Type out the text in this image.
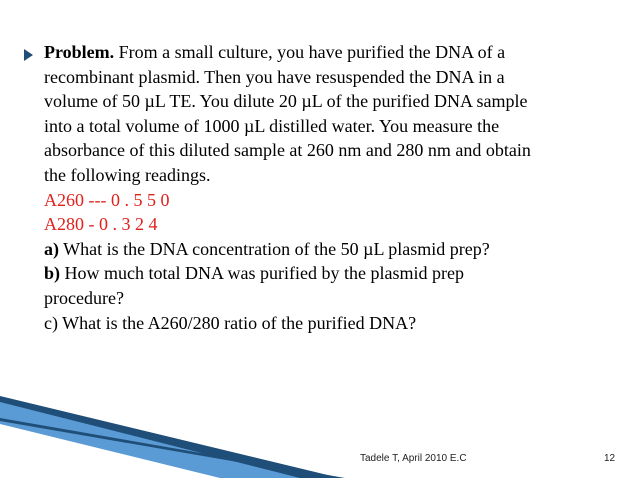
Problem. From a small culture, you have purified the DNA of a

recombinant plasmid. Then you have resuspended the DNA in a

volume of 50 µL TE. You dilute 20 µL of the purified DNA sample

into a total volume of 1000 µL distilled water. You measure the

absorbance of this diluted sample at 260 nm and 280 nm and obtain

the following readings.

A260 --- 0 . 5 5 0

A280 - 0 . 3 2 4

a) What is the DNA concentration of the 50 µL plasmid prep?

b) How much total DNA was purified by the plasmid prep

procedure?

c) What is the A260/280 ratio of the purified DNA?

Tadele T, April 2010 E.C	12
